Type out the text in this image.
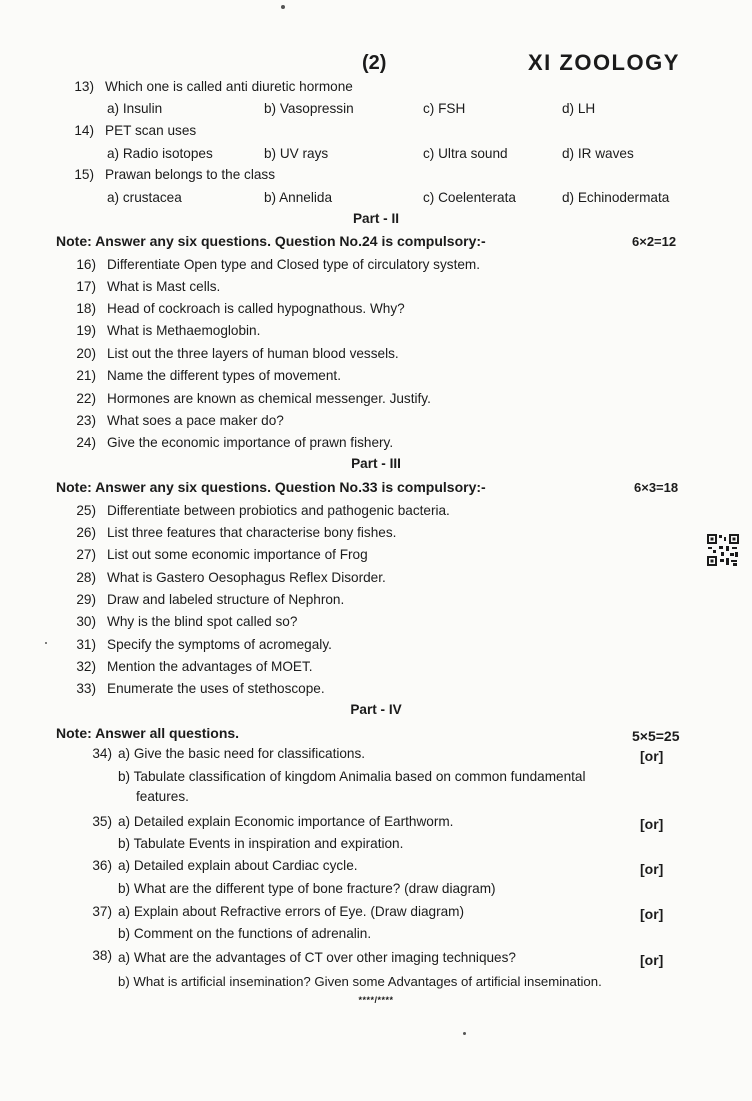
(2)	XI ZOOLOGY
13) Which one is called anti diuretic hormone
a) Insulin	b) Vasopressin	c) FSH	d) LH
14) PET scan uses
a) Radio isotopes	b) UV rays	c) Ultra sound	d) IR waves
15) Prawan belongs to the class
a) crustacea	b) Annelida	c) Coelenterata	d) Echinodermata
Part - II
Note: Answer any six questions. Question No.24 is compulsory:-	6×2=12
16) Differentiate Open type and Closed type of circulatory system.
17) What is Mast cells.
18) Head of cockroach is called hypognathous. Why?
19) What is Methaemoglobin.
20) List out the three layers of human blood vessels.
21) Name the different types of movement.
22) Hormones are known as chemical messenger. Justify.
23) What soes a pace maker do?
24) Give the economic importance of prawn fishery.
Part - III
Note: Answer any six questions. Question No.33 is compulsory:-	6×3=18
25) Differentiate between probiotics and pathogenic bacteria.
26) List three features that characterise bony fishes.
27) List out some economic importance of Frog
28) What is Gastero Oesophagus Reflex Disorder.
29) Draw and labeled structure of Nephron.
30) Why is the blind spot called so?
31) Specify the symptoms of acromegaly.
32) Mention the advantages of MOET.
33) Enumerate the uses of stethoscope.
Part - IV
Note: Answer all questions.	5×5=25
34) a) Give the basic need for classifications.	[or]
b) Tabulate classification of kingdom Animalia based on common fundamental
features.
35) a) Detailed explain Economic importance of Earthworm.	[or]
b) Tabulate Events in inspiration and expiration.
36) a) Detailed explain about Cardiac cycle.	[or]
b) What are the different type of bone fracture? (draw diagram)
37) a) Explain about Refractive errors of Eye. (Draw diagram)	[or]
b) Comment on the functions of adrenalin.
38) a) What are the advantages of CT over other imaging techniques?	[or]
b) What is artificial insemination? Given some Advantages of artificial insemination.
****/****
